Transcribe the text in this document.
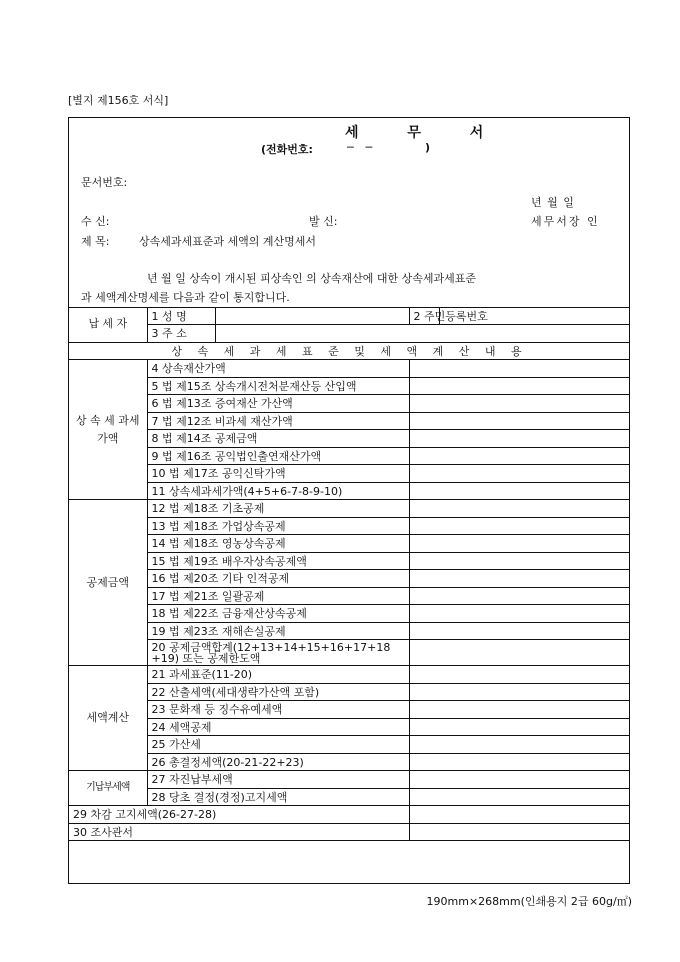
[별지 제156호 서식]
세 무 서
(전화번호:	─ ─	)
문서번호:
년 월 일
수 신:	발 신:	세무서장 인
제 목:	상속세과세표준과 세액의 계산명세서
년 월 일 상속이 개시된 피상속인 의 상속재산에 대한 상속세과세표준
과 세액계산명세를 다음과 같이 통지합니다.
납 세 자	1 성 명		2 주민등록번호	
	3 주 소			
상 속 세 과 세 표 준 및 세 액 계 산 내 용				
상 속 세 과세가액	4 상속재산가액			
	5 법 제15조 상속개시전처분재산등 산입액			
	6 법 제13조 증여재산 가산액			
	7 법 제12조 비과세 재산가액			
	8 법 제14조 공제금액			
	9 법 제16조 공익법인출연재산가액			
	10 법 제17조 공익신탁가액			
	11 상속세과세가액(4+5+6-7-8-9-10)			
공제금액	12 법 제18조 기초공제			
	13 법 제18조 가업상속공제			
	14 법 제18조 영농상속공제			
	15 법 제19조 배우자상속공제액			
	16 법 제20조 기타 인적공제			
	17 법 제21조 일괄공제			
	18 법 제22조 금융재산상속공제			
	19 법 제23조 재해손실공제			

	20 공제금액합계(12+13+14+15+16+17+18
+19) 또는 공제한도액			

세액계산	21 과세표준(11-20)			
	22 산출세액(세대생략가산액 포함)			
	23 문화재 등 징수유예세액			
	24 세액공제			
	25 가산세			
	26 총결정세액(20-21-22+23)			
기납부세액	27 자진납부세액			
	28 당초 결정(경정)고지세액			
29 차감 고지세액(26-27-28)				
30 조사관서				
190mm×268mm(인쇄용지 2급 60g/㎡)
